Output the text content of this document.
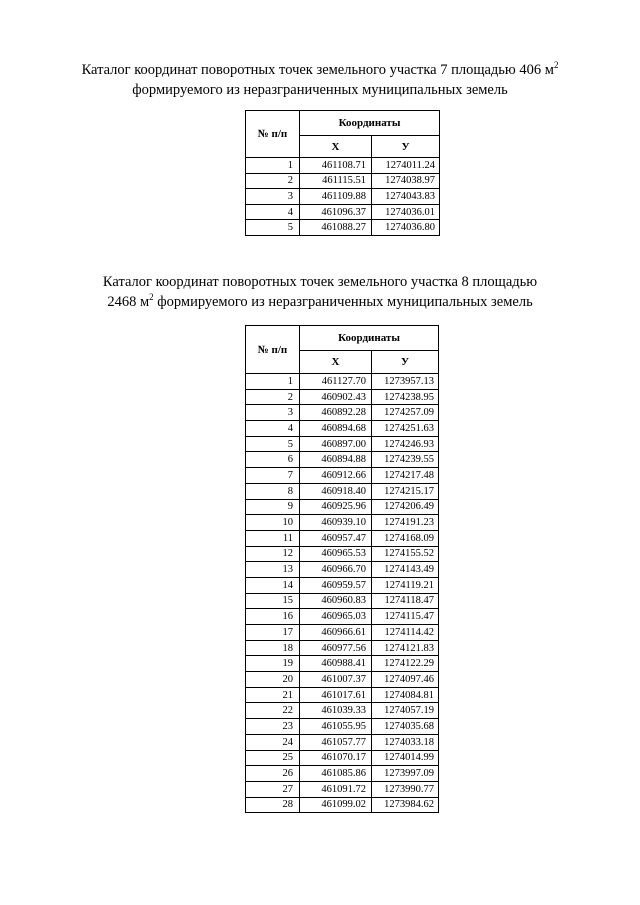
Каталог координат поворотных точек земельного участка 7 площадью 406 $м^2$
формируемого из неразграниченных муниципальных земель
№ п/п	Координаты	
	X	У
1	461108.71	1274011.24
2	461115.51	1274038.97
3	461109.88	1274043.83
4	461096.37	1274036.01
5	461088.27	1274036.80
Каталог координат поворотных точек земельного участка 8 площадью
2468 $м^2$ формируемого из неразграниченных муниципальных земель
№ п/п	Координаты	
	X	У
1	461127.70	1273957.13
2	460902.43	1274238.95
3	460892.28	1274257.09
4	460894.68	1274251.63
5	460897.00	1274246.93
6	460894.88	1274239.55
7	460912.66	1274217.48
8	460918.40	1274215.17
9	460925.96	1274206.49
10	460939.10	1274191.23
11	460957.47	1274168.09
12	460965.53	1274155.52
13	460966.70	1274143.49
14	460959.57	1274119.21
15	460960.83	1274118.47
16	460965.03	1274115.47
17	460966.61	1274114.42
18	460977.56	1274121.83
19	460988.41	1274122.29
20	461007.37	1274097.46
21	461017.61	1274084.81
22	461039.33	1274057.19
23	461055.95	1274035.68
24	461057.77	1274033.18
25	461070.17	1274014.99
26	461085.86	1273997.09
27	461091.72	1273990.77
28	461099.02	1273984.62
